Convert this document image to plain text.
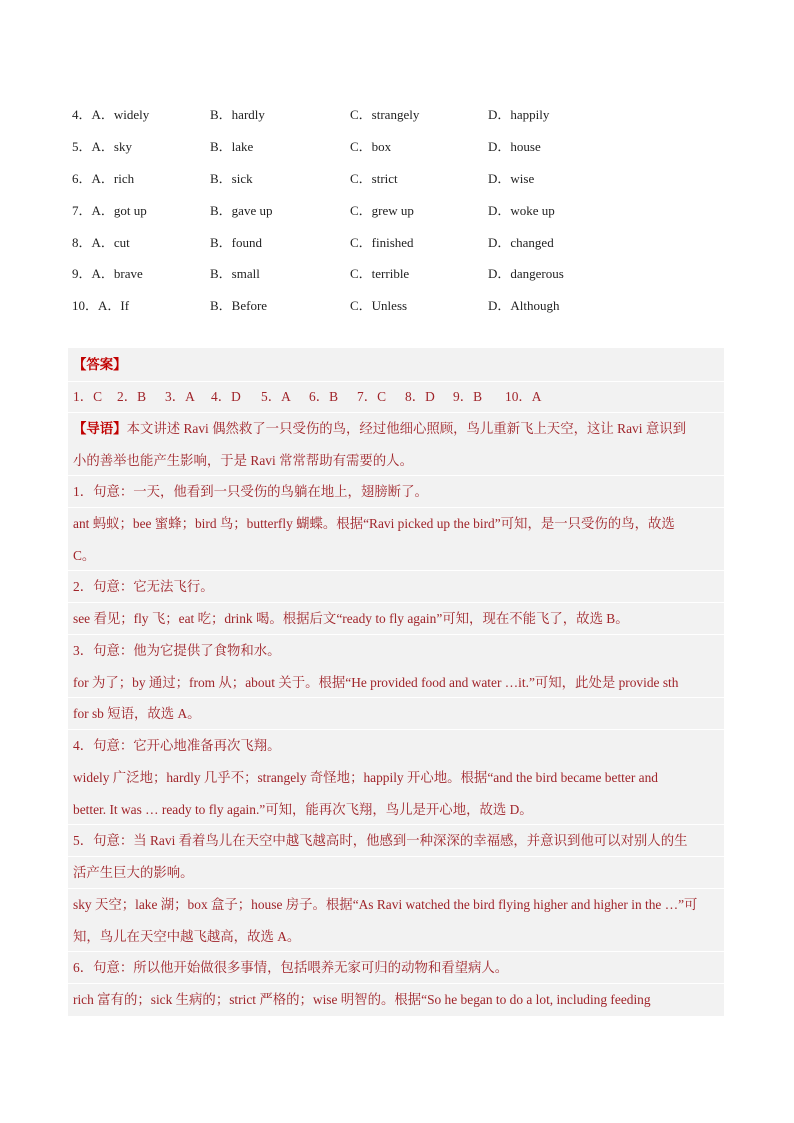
4．A．widely	B．hardly	C．strangely	D．happily
5．A．sky	B．lake	C．box	D．house
6．A．rich	B．sick	C．strict	D．wise
7．A．got up	B．gave up	C．grew up	D．woke up
8．A．cut	B．found	C．finished	D．changed
9．A．brave	B．small	C．terrible	D．dangerous
10．A．If	B．Before	C．Unless	D．Although
【答案】
1．C 2．B 3．A 4．D 5．A 6．B 7．C 8．D 9．B 10．A
【导语】本文讲述 Ravi 偶然救了一只受伤的鸟，经过他细心照顾，鸟儿重新飞上天空，这让 Ravi 意识到
小的善举也能产生影响，于是 Ravi 常常帮助有需要的人。
1．句意：一天，他看到一只受伤的鸟躺在地上，翅膀断了。
ant 蚂蚁；bee 蜜蜂；bird 鸟；butterfly 蝴蝶。根据“Ravi picked up the bird”可知，是一只受伤的鸟，故选
C。
2．句意：它无法飞行。
see 看见；fly 飞；eat 吃；drink 喝。根据后文“ready to fly again”可知，现在不能飞了，故选 B。
3．句意：他为它提供了食物和水。
for 为了；by 通过；from 从；about 关于。根据“He provided food and water …it.”可知，此处是 provide sth
for sb 短语，故选 A。
4．句意：它开心地准备再次飞翔。
widely 广泛地；hardly 几乎不；strangely 奇怪地；happily 开心地。根据“and the bird became better and
better. It was … ready to fly again.”可知，能再次飞翔，鸟儿是开心地，故选 D。
5．句意：当 Ravi 看着鸟儿在天空中越飞越高时，他感到一种深深的幸福感，并意识到他可以对别人的生
活产生巨大的影响。
sky 天空；lake 湖；box 盒子；house 房子。根据“As Ravi watched the bird flying higher and higher in the …”可
知，鸟儿在天空中越飞越高，故选 A。
6．句意：所以他开始做很多事情，包括喂养无家可归的动物和看望病人。
rich 富有的；sick 生病的；strict 严格的；wise 明智的。根据“So he began to do a lot, including feeding
